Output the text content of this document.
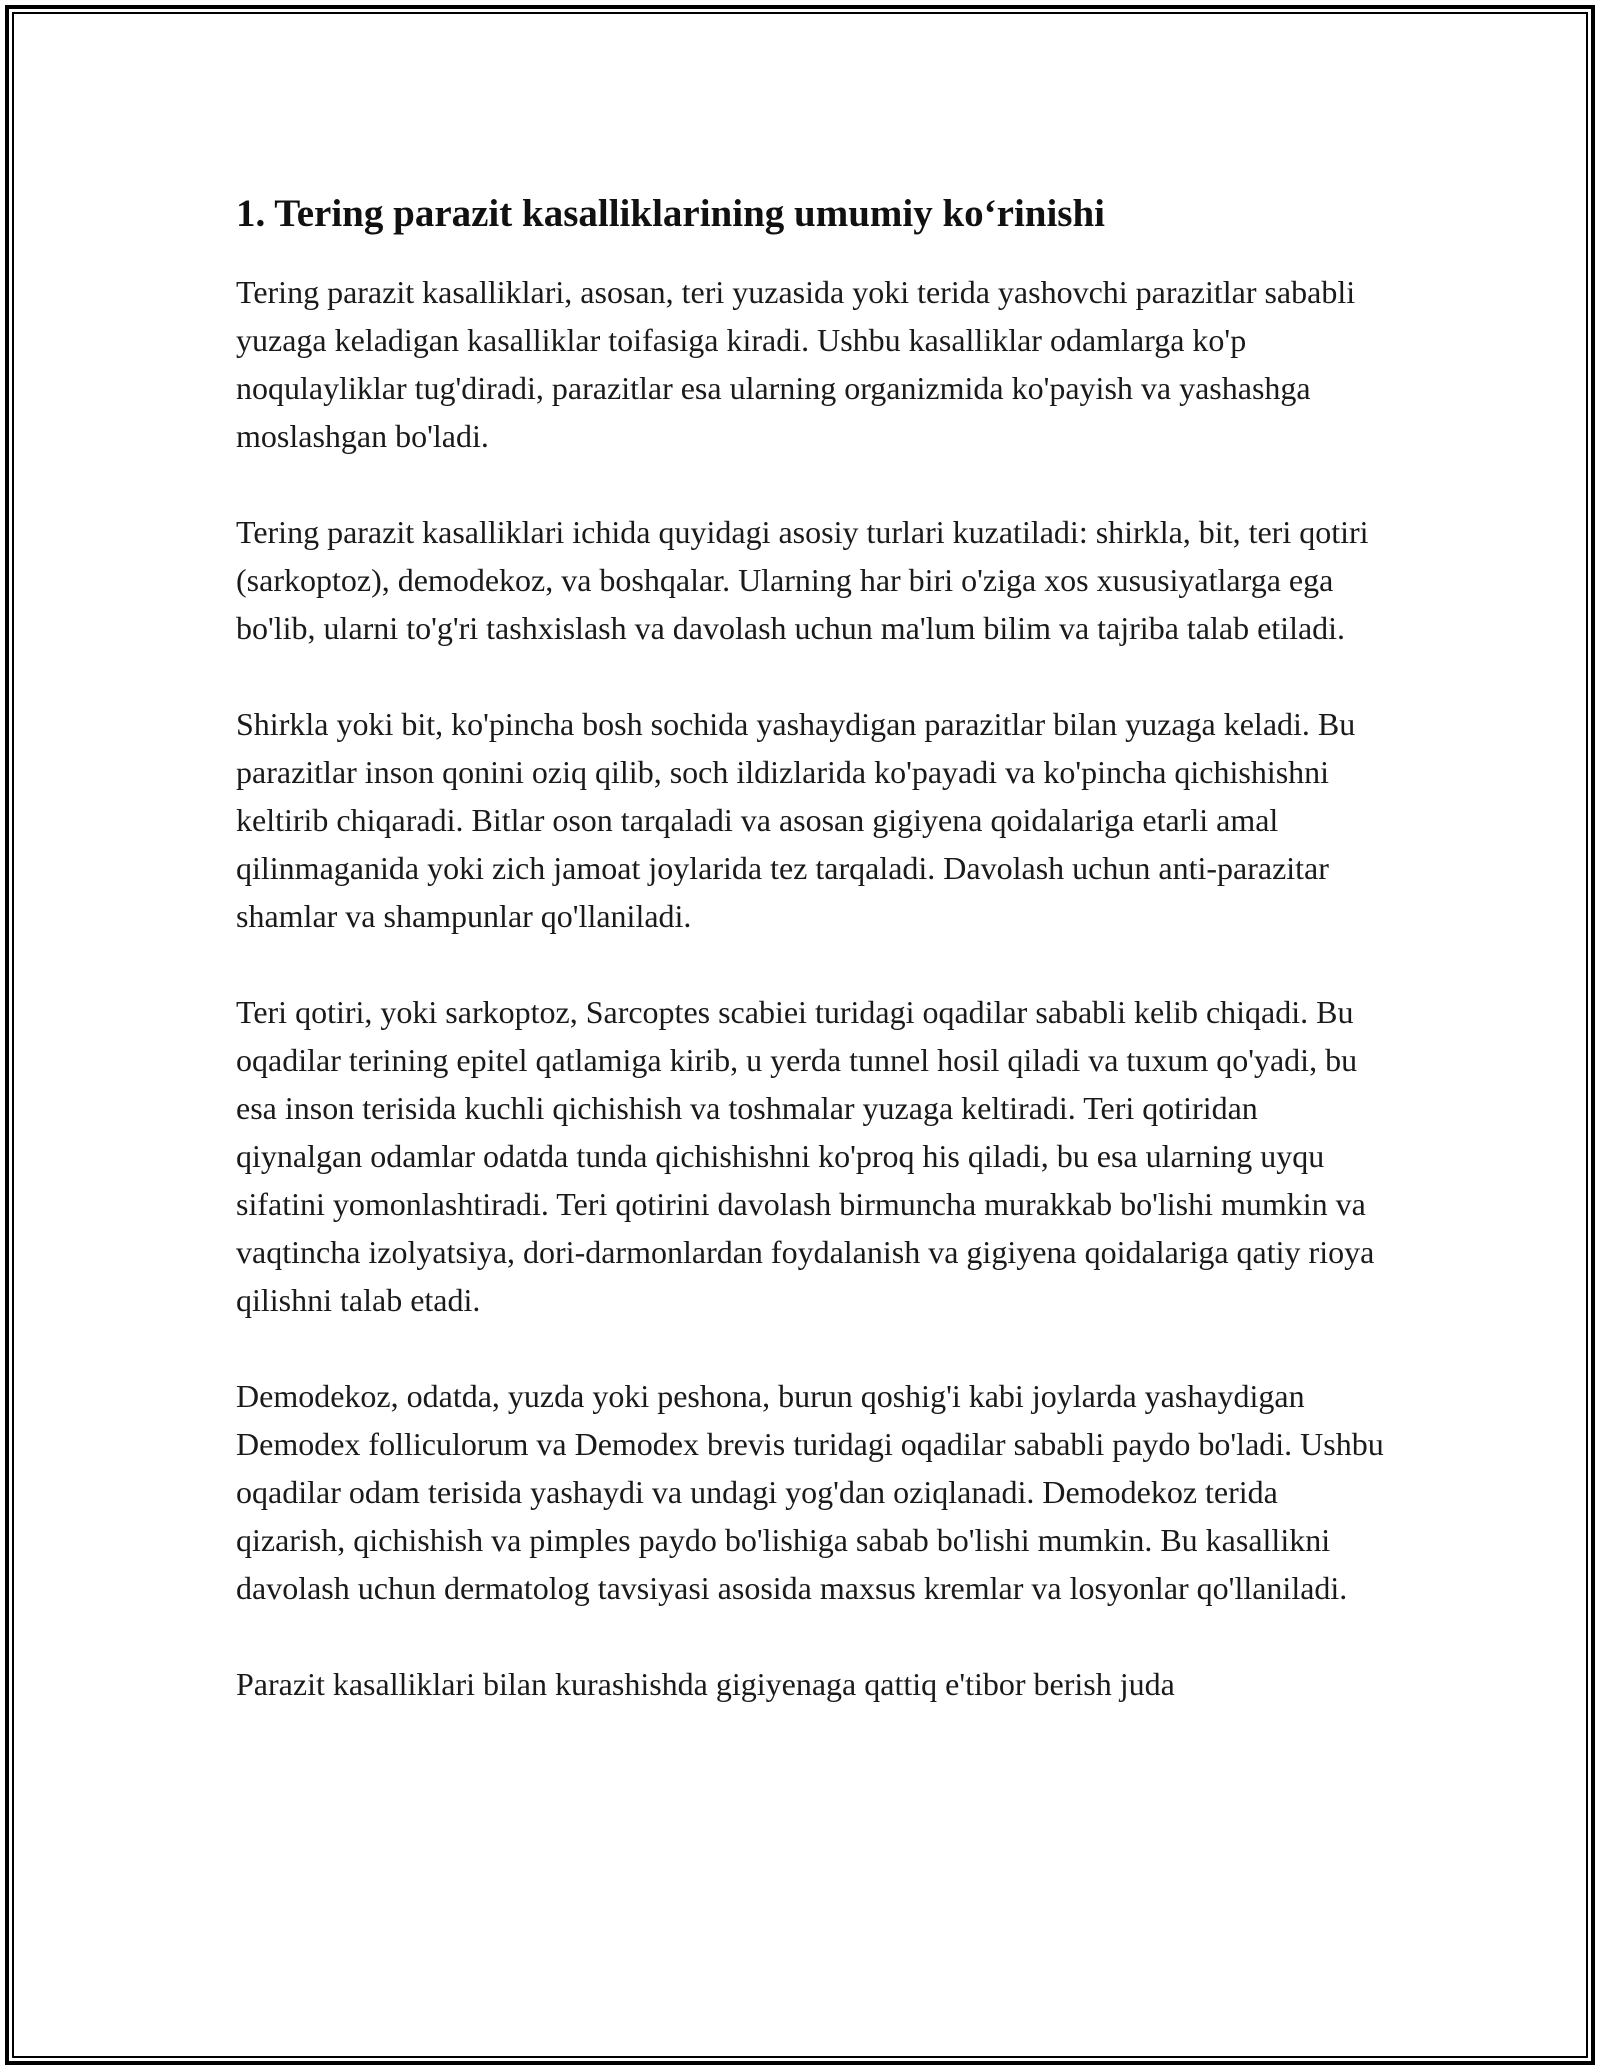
1. Tering parazit kasalliklarining umumiy ko‘rinishi

Tering parazit kasalliklari, asosan, teri yuzasida yoki terida yashovchi parazitlar sababli yuzaga keladigan kasalliklar toifasiga kiradi. Ushbu kasalliklar odamlarga ko'p noqulayliklar tug'diradi, parazitlar esa ularning organizmida ko'payish va yashashga moslashgan bo'ladi.

Tering parazit kasalliklari ichida quyidagi asosiy turlari kuzatiladi: shirkla, bit, teri qotiri (sarkoptoz), demodekoz, va boshqalar. Ularning har biri o'ziga xos xususiyatlarga ega bo'lib, ularni to'g'ri tashxislash va davolash uchun ma'lum bilim va tajriba talab etiladi.

Shirkla yoki bit, ko'pincha bosh sochida yashaydigan parazitlar bilan yuzaga keladi. Bu parazitlar inson qonini oziq qilib, soch ildizlarida ko'payadi va ko'pincha qichishishni keltirib chiqaradi. Bitlar oson tarqaladi va asosan gigiyena qoidalariga etarli amal qilinmaganida yoki zich jamoat joylarida tez tarqaladi. Davolash uchun anti-parazitar shamlar va shampunlar qo'llaniladi.

Teri qotiri, yoki sarkoptoz, Sarcoptes scabiei turidagi oqadilar sababli kelib chiqadi. Bu oqadilar terining epitel qatlamiga kirib, u yerda tunnel hosil qiladi va tuxum qo'yadi, bu esa inson terisida kuchli qichishish va toshmalar yuzaga keltiradi. Teri qotiridan qiynalgan odamlar odatda tunda qichishishni ko'proq his qiladi, bu esa ularning uyqu sifatini yomonlashtiradi. Teri qotirini davolash birmuncha murakkab bo'lishi mumkin va vaqtincha izolyatsiya, dori-darmonlardan foydalanish va gigiyena qoidalariga qatiy rioya qilishni talab etadi.

Demodekoz, odatda, yuzda yoki peshona, burun qoshig'i kabi joylarda yashaydigan Demodex folliculorum va Demodex brevis turidagi oqadilar sababli paydo bo'ladi. Ushbu oqadilar odam terisida yashaydi va undagi yog'dan oziqlanadi. Demodekoz terida qizarish, qichishish va pimples paydo bo'lishiga sabab bo'lishi mumkin. Bu kasallikni davolash uchun dermatolog tavsiyasi asosida maxsus kremlar va losyonlar qo'llaniladi.

Parazit kasalliklari bilan kurashishda gigiyenaga qattiq e'tibor berish juda
